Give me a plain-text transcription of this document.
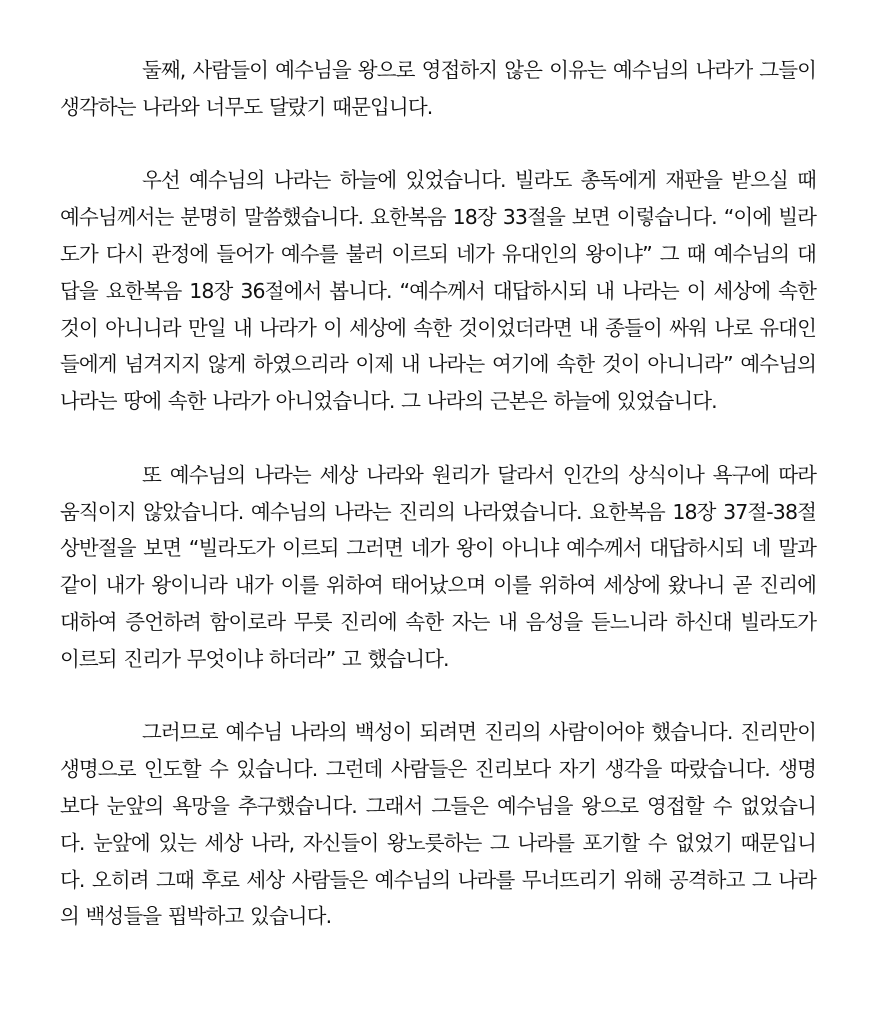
둘째, 사람들이 예수님을 왕으로 영접하지 않은 이유는 예수님의 나라가 그들이 생각하는 나라와 너무도 달랐기 때문입니다.

우선 예수님의 나라는 하늘에 있었습니다. 빌라도 총독에게 재판을 받으실 때 예수님께서는 분명히 말씀했습니다. 요한복음 18장 33절을 보면 이렇습니다. “이에 빌라도가 다시 관정에 들어가 예수를 불러 이르되 네가 유대인의 왕이냐” 그 때 예수님의 대답을 요한복음 18장 36절에서 봅니다. “예수께서 대답하시되 내 나라는 이 세상에 속한 것이 아니니라 만일 내 나라가 이 세상에 속한 것이었더라면 내 종들이 싸워 나로 유대인들에게 넘겨지지 않게 하였으리라 이제 내 나라는 여기에 속한 것이 아니니라” 예수님의 나라는 땅에 속한 나라가 아니었습니다. 그 나라의 근본은 하늘에 있었습니다.

또 예수님의 나라는 세상 나라와 원리가 달라서 인간의 상식이나 욕구에 따라 움직이지 않았습니다. 예수님의 나라는 진리의 나라였습니다. 요한복음 18장 37절-38절 상반절을 보면 “빌라도가 이르되 그러면 네가 왕이 아니냐 예수께서 대답하시되 네 말과 같이 내가 왕이니라 내가 이를 위하여 태어났으며 이를 위하여 세상에 왔나니 곧 진리에 대하여 증언하려 함이로라 무릇 진리에 속한 자는 내 음성을 듣느니라 하신대 빌라도가 이르되 진리가 무엇이냐 하더라” 고 했습니다.

그러므로 예수님 나라의 백성이 되려면 진리의 사람이어야 했습니다. 진리만이 생명으로 인도할 수 있습니다. 그런데 사람들은 진리보다 자기 생각을 따랐습니다. 생명보다 눈앞의 욕망을 추구했습니다. 그래서 그들은 예수님을 왕으로 영접할 수 없었습니다. 눈앞에 있는 세상 나라, 자신들이 왕노릇하는 그 나라를 포기할 수 없었기 때문입니다. 오히려 그때 후로 세상 사람들은 예수님의 나라를 무너뜨리기 위해 공격하고 그 나라의 백성들을 핍박하고 있습니다.
